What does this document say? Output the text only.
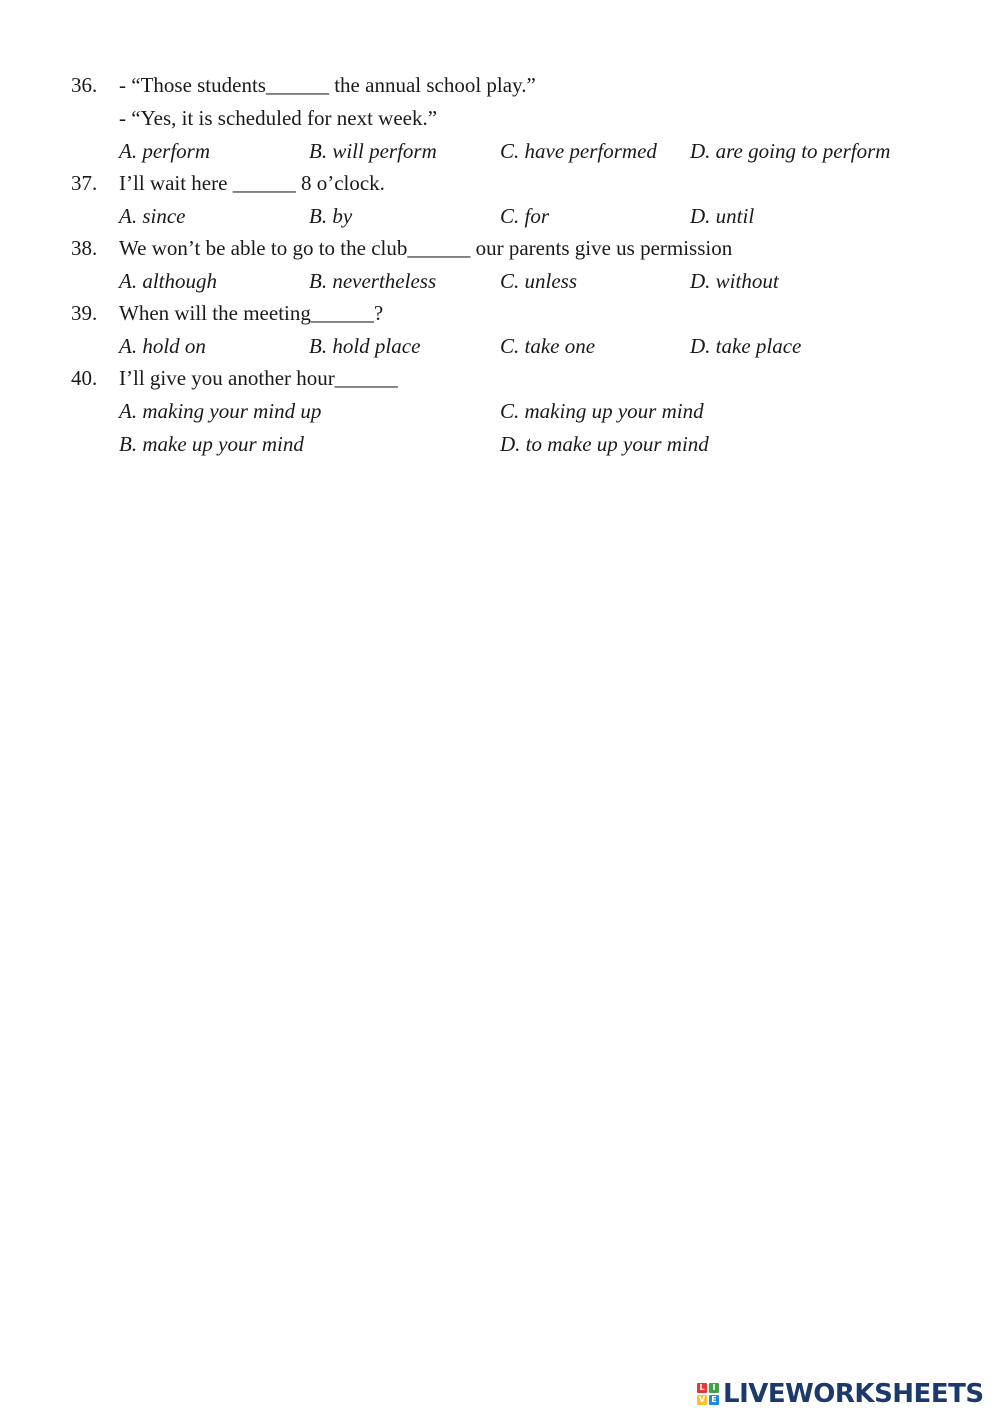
36. - “Those students______ the annual school play.”
- “Yes, it is scheduled for next week.”
A. perform	B. will perform	C. have performed D. are going to perform
37. I’ll wait here ______ 8 o’clock.
A. since	B. by	C. for	D. until
38. We won’t be able to go to the club______ our parents give us permission
A. although	B. nevertheless	C. unless	D. without
39. When will the meeting______?
A. hold on	B. hold place	C. take one	D. take place
40. I’ll give you another hour______
A. making your mind up	C. making up your mind
B. make up your mind	D. to make up your mind
L I
V E LIVEWORKSHEETS
